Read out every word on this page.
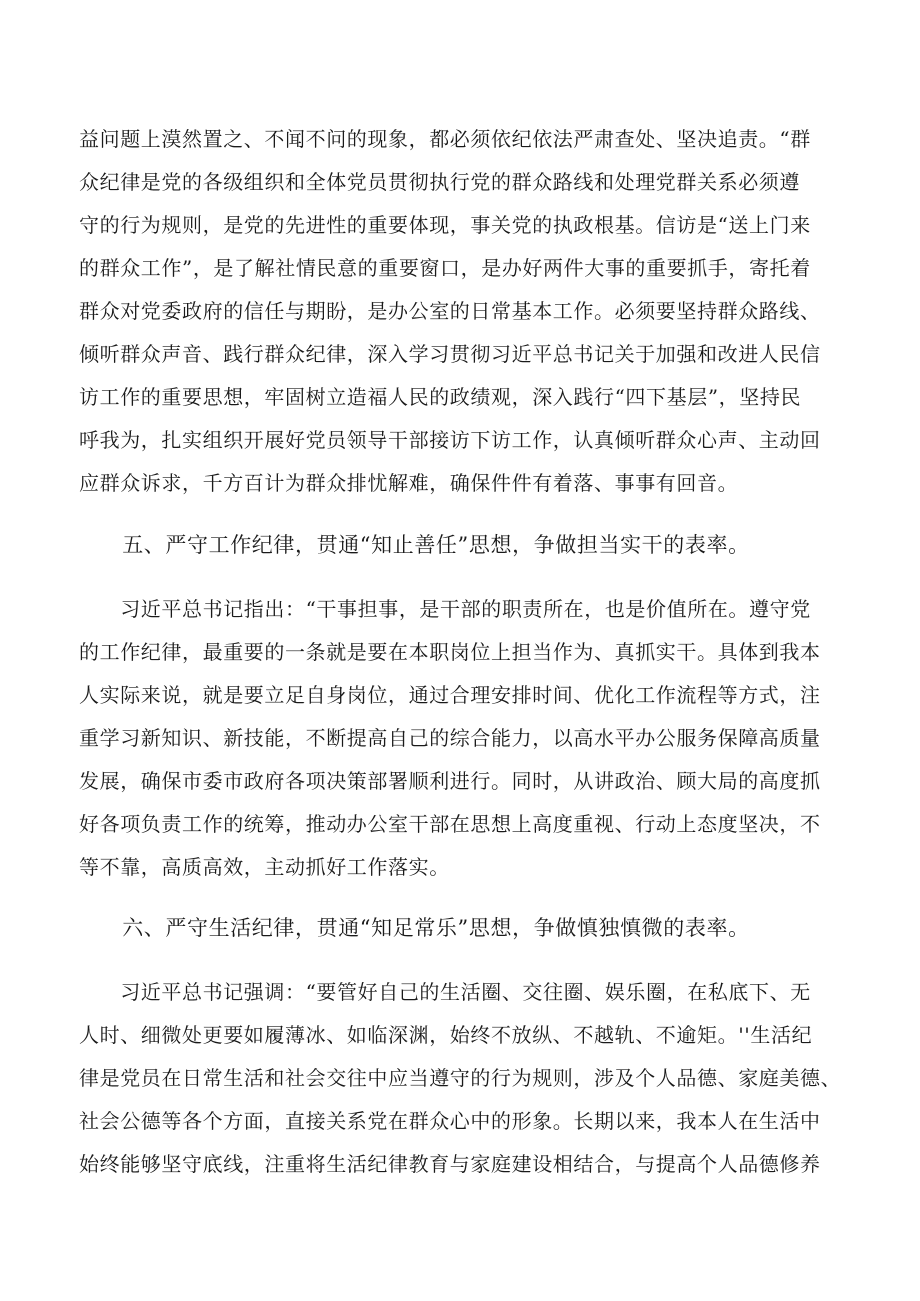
益问题上漠然置之、不闻不问的现象，都必须依纪依法严肃查处、坚决追责。“群
众纪律是党的各级组织和全体党员贯彻执行党的群众路线和处理党群关系必须遵
守的行为规则，是党的先进性的重要体现，事关党的执政根基。信访是“送上门来
的群众工作”，是了解社情民意的重要窗口，是办好两件大事的重要抓手，寄托着
群众对党委政府的信任与期盼，是办公室的日常基本工作。必须要坚持群众路线、
倾听群众声音、践行群众纪律，深入学习贯彻习近平总书记关于加强和改进人民信
访工作的重要思想，牢固树立造福人民的政绩观，深入践行“四下基层”，坚持民
呼我为，扎实组织开展好党员领导干部接访下访工作，认真倾听群众心声、主动回
应群众诉求，千方百计为群众排忧解难，确保件件有着落、事事有回音。
　　五、严守工作纪律，贯通“知止善任”思想，争做担当实干的表率。
　　习近平总书记指出：“干事担事，是干部的职责所在，也是价值所在。遵守党
的工作纪律，最重要的一条就是要在本职岗位上担当作为、真抓实干。具体到我本
人实际来说，就是要立足自身岗位，通过合理安排时间、优化工作流程等方式，注
重学习新知识、新技能，不断提高自己的综合能力，以高水平办公服务保障高质量
发展，确保市委市政府各项决策部署顺利进行。同时，从讲政治、顾大局的高度抓
好各项负责工作的统筹，推动办公室干部在思想上高度重视、行动上态度坚决，不
等不靠，高质高效，主动抓好工作落实。
　　六、严守生活纪律，贯通“知足常乐”思想，争做慎独慎微的表率。
　　习近平总书记强调：“要管好自己的生活圈、交往圈、娱乐圈，在私底下、无
人时、细微处更要如履薄冰、如临深渊，始终不放纵、不越轨、不逾矩。''生活纪
律是党员在日常生活和社会交往中应当遵守的行为规则，涉及个人品德、家庭美德、
社会公德等各个方面，直接关系党在群众心中的形象。长期以来，我本人在生活中
始终能够坚守底线，注重将生活纪律教育与家庭建设相结合，与提高个人品德修养
